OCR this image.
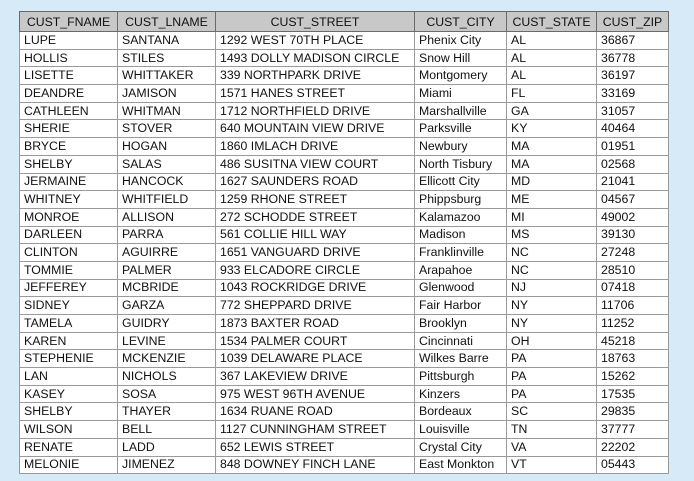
CUST_FNAME	CUST_LNAME	CUST_STREET	CUST_CITY	CUST_STATE	CUST_ZIP
LUPE	SANTANA	1292 WEST 70TH PLACE	Phenix City	AL	36867
HOLLIS	STILES	1493 DOLLY MADISON CIRCLE	Snow Hill	AL	36778
LISETTE	WHITTAKER	339 NORTHPARK DRIVE	Montgomery	AL	36197
DEANDRE	JAMISON	1571 HANES STREET	Miami	FL	33169
CATHLEEN	WHITMAN	1712 NORTHFIELD DRIVE	Marshallville	GA	31057
SHERIE	STOVER	640 MOUNTAIN VIEW DRIVE	Parksville	KY	40464
BRYCE	HOGAN	1860 IMLACH DRIVE	Newbury	MA	01951
SHELBY	SALAS	486 SUSITNA VIEW COURT	North Tisbury	MA	02568
JERMAINE	HANCOCK	1627 SAUNDERS ROAD	Ellicott City	MD	21041
WHITNEY	WHITFIELD	1259 RHONE STREET	Phippsburg	ME	04567
MONROE	ALLISON	272 SCHODDE STREET	Kalamazoo	MI	49002
DARLEEN	PARRA	561 COLLIE HILL WAY	Madison	MS	39130
CLINTON	AGUIRRE	1651 VANGUARD DRIVE	Franklinville	NC	27248
TOMMIE	PALMER	933 ELCADORE CIRCLE	Arapahoe	NC	28510
JEFFEREY	MCBRIDE	1043 ROCKRIDGE DRIVE	Glenwood	NJ	07418
SIDNEY	GARZA	772 SHEPPARD DRIVE	Fair Harbor	NY	11706
TAMELA	GUIDRY	1873 BAXTER ROAD	Brooklyn	NY	11252
KAREN	LEVINE	1534 PALMER COURT	Cincinnati	OH	45218
STEPHENIE	MCKENZIE	1039 DELAWARE PLACE	Wilkes Barre	PA	18763
LAN	NICHOLS	367 LAKEVIEW DRIVE	Pittsburgh	PA	15262
KASEY	SOSA	975 WEST 96TH AVENUE	Kinzers	PA	17535
SHELBY	THAYER	1634 RUANE ROAD	Bordeaux	SC	29835
WILSON	BELL	1127 CUNNINGHAM STREET	Louisville	TN	37777
RENATE	LADD	652 LEWIS STREET	Crystal City	VA	22202
MELONIE	JIMENEZ	848 DOWNEY FINCH LANE	East Monkton	VT	05443
